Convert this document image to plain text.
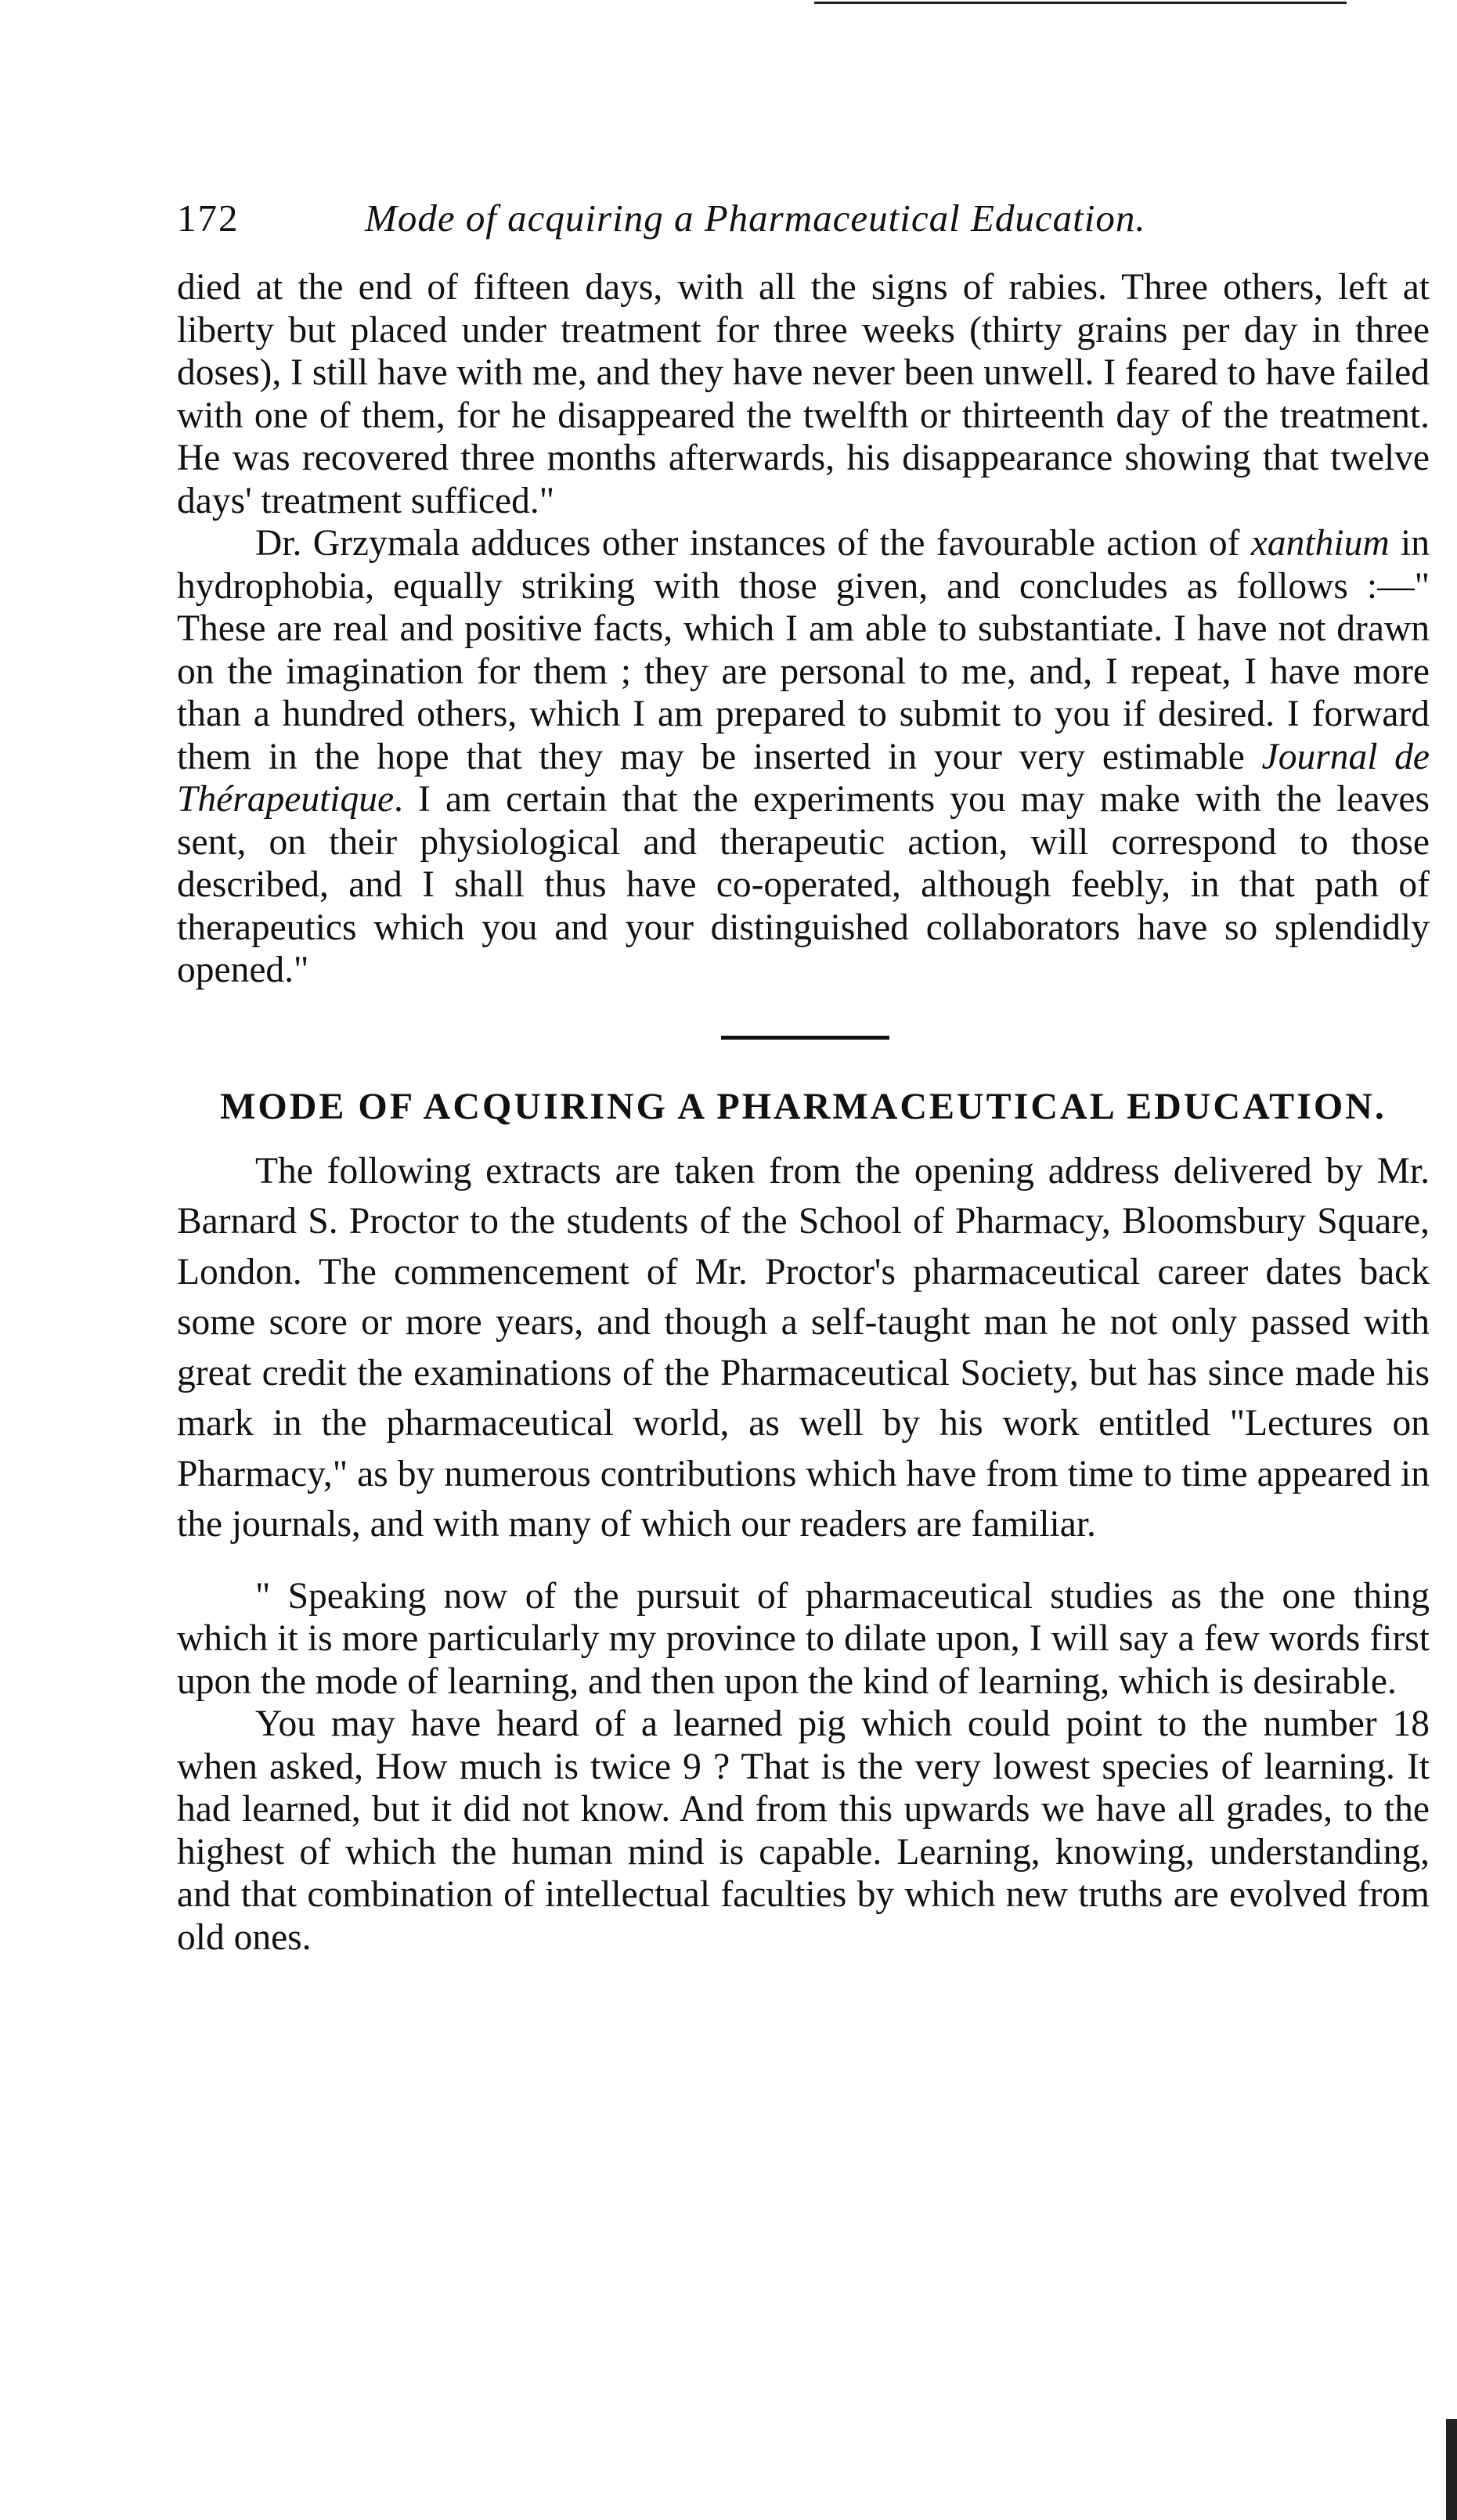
172	Mode of acquiring a Pharmaceutical Education.

died at the end of fifteen days, with all the signs of rabies. Three others, left at liberty but placed under treatment for three weeks (thirty grains per day in three doses), I still have with me, and they have never been unwell. I feared to have failed with one of them, for he disappeared the twelfth or thirteenth day of the treatment. He was recovered three months afterwards, his disappearance showing that twelve days' treatment sufficed."

Dr. Grzymala adduces other instances of the favourable action of xanthium in hydrophobia, equally striking with those given, and concludes as follows :—" These are real and positive facts, which I am able to substantiate. I have not drawn on the imagination for them ; they are personal to me, and, I repeat, I have more than a hundred others, which I am prepared to submit to you if desired. I forward them in the hope that they may be inserted in your very estimable Journal de Thérapeutique. I am certain that the experiments you may make with the leaves sent, on their physiological and therapeutic action, will correspond to those described, and I shall thus have co-operated, although feebly, in that path of therapeutics which you and your distinguished collaborators have so splendidly opened."

MODE OF ACQUIRING A PHARMACEUTICAL EDUCATION.

The following extracts are taken from the opening address delivered by Mr. Barnard S. Proctor to the students of the School of Pharmacy, Bloomsbury Square, London. The commencement of Mr. Proctor's pharmaceutical career dates back some score or more years, and though a self-taught man he not only passed with great credit the examinations of the Pharmaceutical Society, but has since made his mark in the pharmaceutical world, as well by his work entitled "Lectures on Pharmacy," as by numerous contributions which have from time to time appeared in the journals, and with many of which our readers are familiar.

" Speaking now of the pursuit of pharmaceutical studies as the one thing which it is more particularly my province to dilate upon, I will say a few words first upon the mode of learning, and then upon the kind of learning, which is desirable.

You may have heard of a learned pig which could point to the number 18 when asked, How much is twice 9 ? That is the very lowest species of learning. It had learned, but it did not know. And from this upwards we have all grades, to the highest of which the human mind is capable. Learning, knowing, understanding, and that combination of intellectual faculties by which new truths are evolved from old ones.
